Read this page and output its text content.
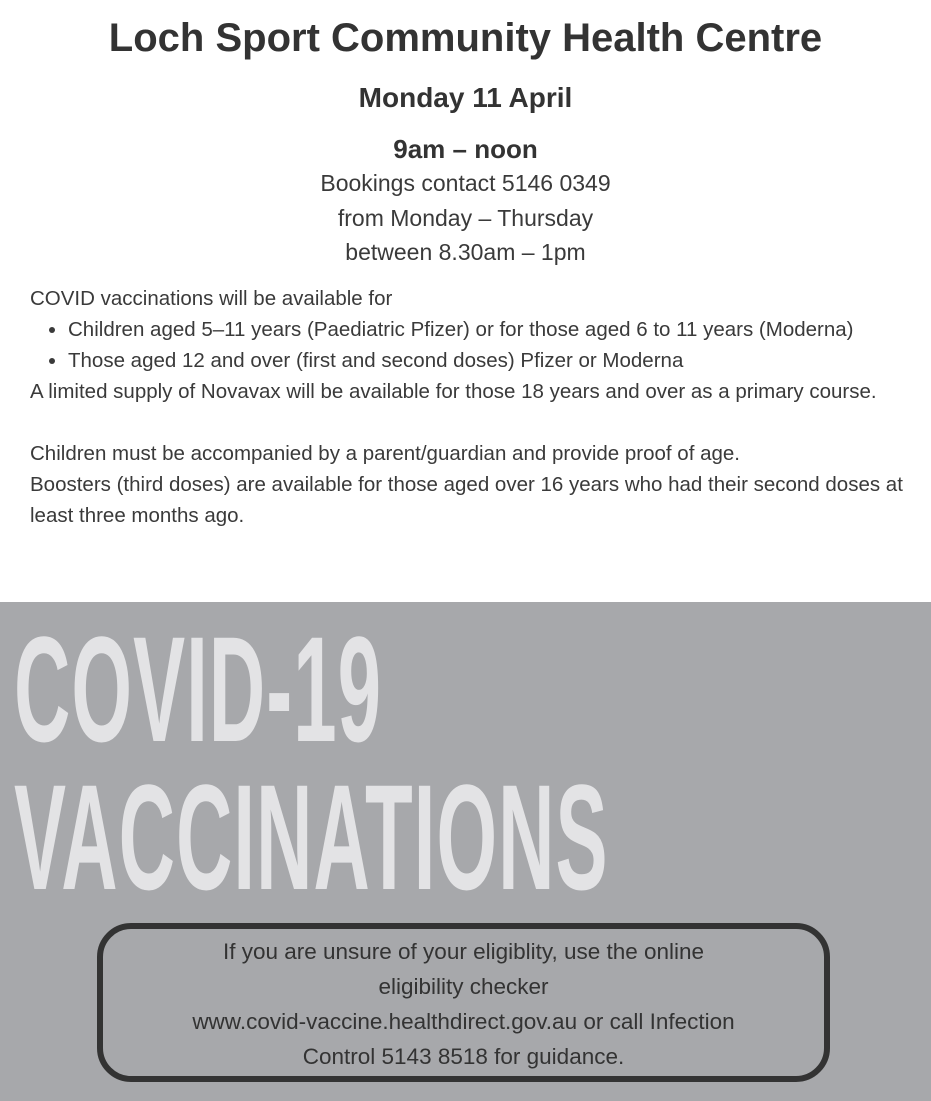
Loch Sport Community Health Centre
Monday 11 April
9am – noon
Bookings contact 5146 0349
from Monday – Thursday
between 8.30am – 1pm

COVID vaccinations will be available for

• Children aged 5–11 years (Paediatric Pfizer) or for those aged 6 to 11 years (Moderna)
• Those aged 12 and over (first and second doses) Pfizer or Moderna

A limited supply of Novavax will be available for those 18 years and over as a primary course.

Children must be accompanied by a parent/guardian and provide proof of age.

Boosters (third doses) are available for those aged over 16 years who had their second doses at least three months ago.

COVID-19
VACCINATIONS
If you are unsure of your eligiblity, use the online
eligibility checker
www.covid-vaccine.healthdirect.gov.au or call Infection
Control 5143 8518 for guidance.
